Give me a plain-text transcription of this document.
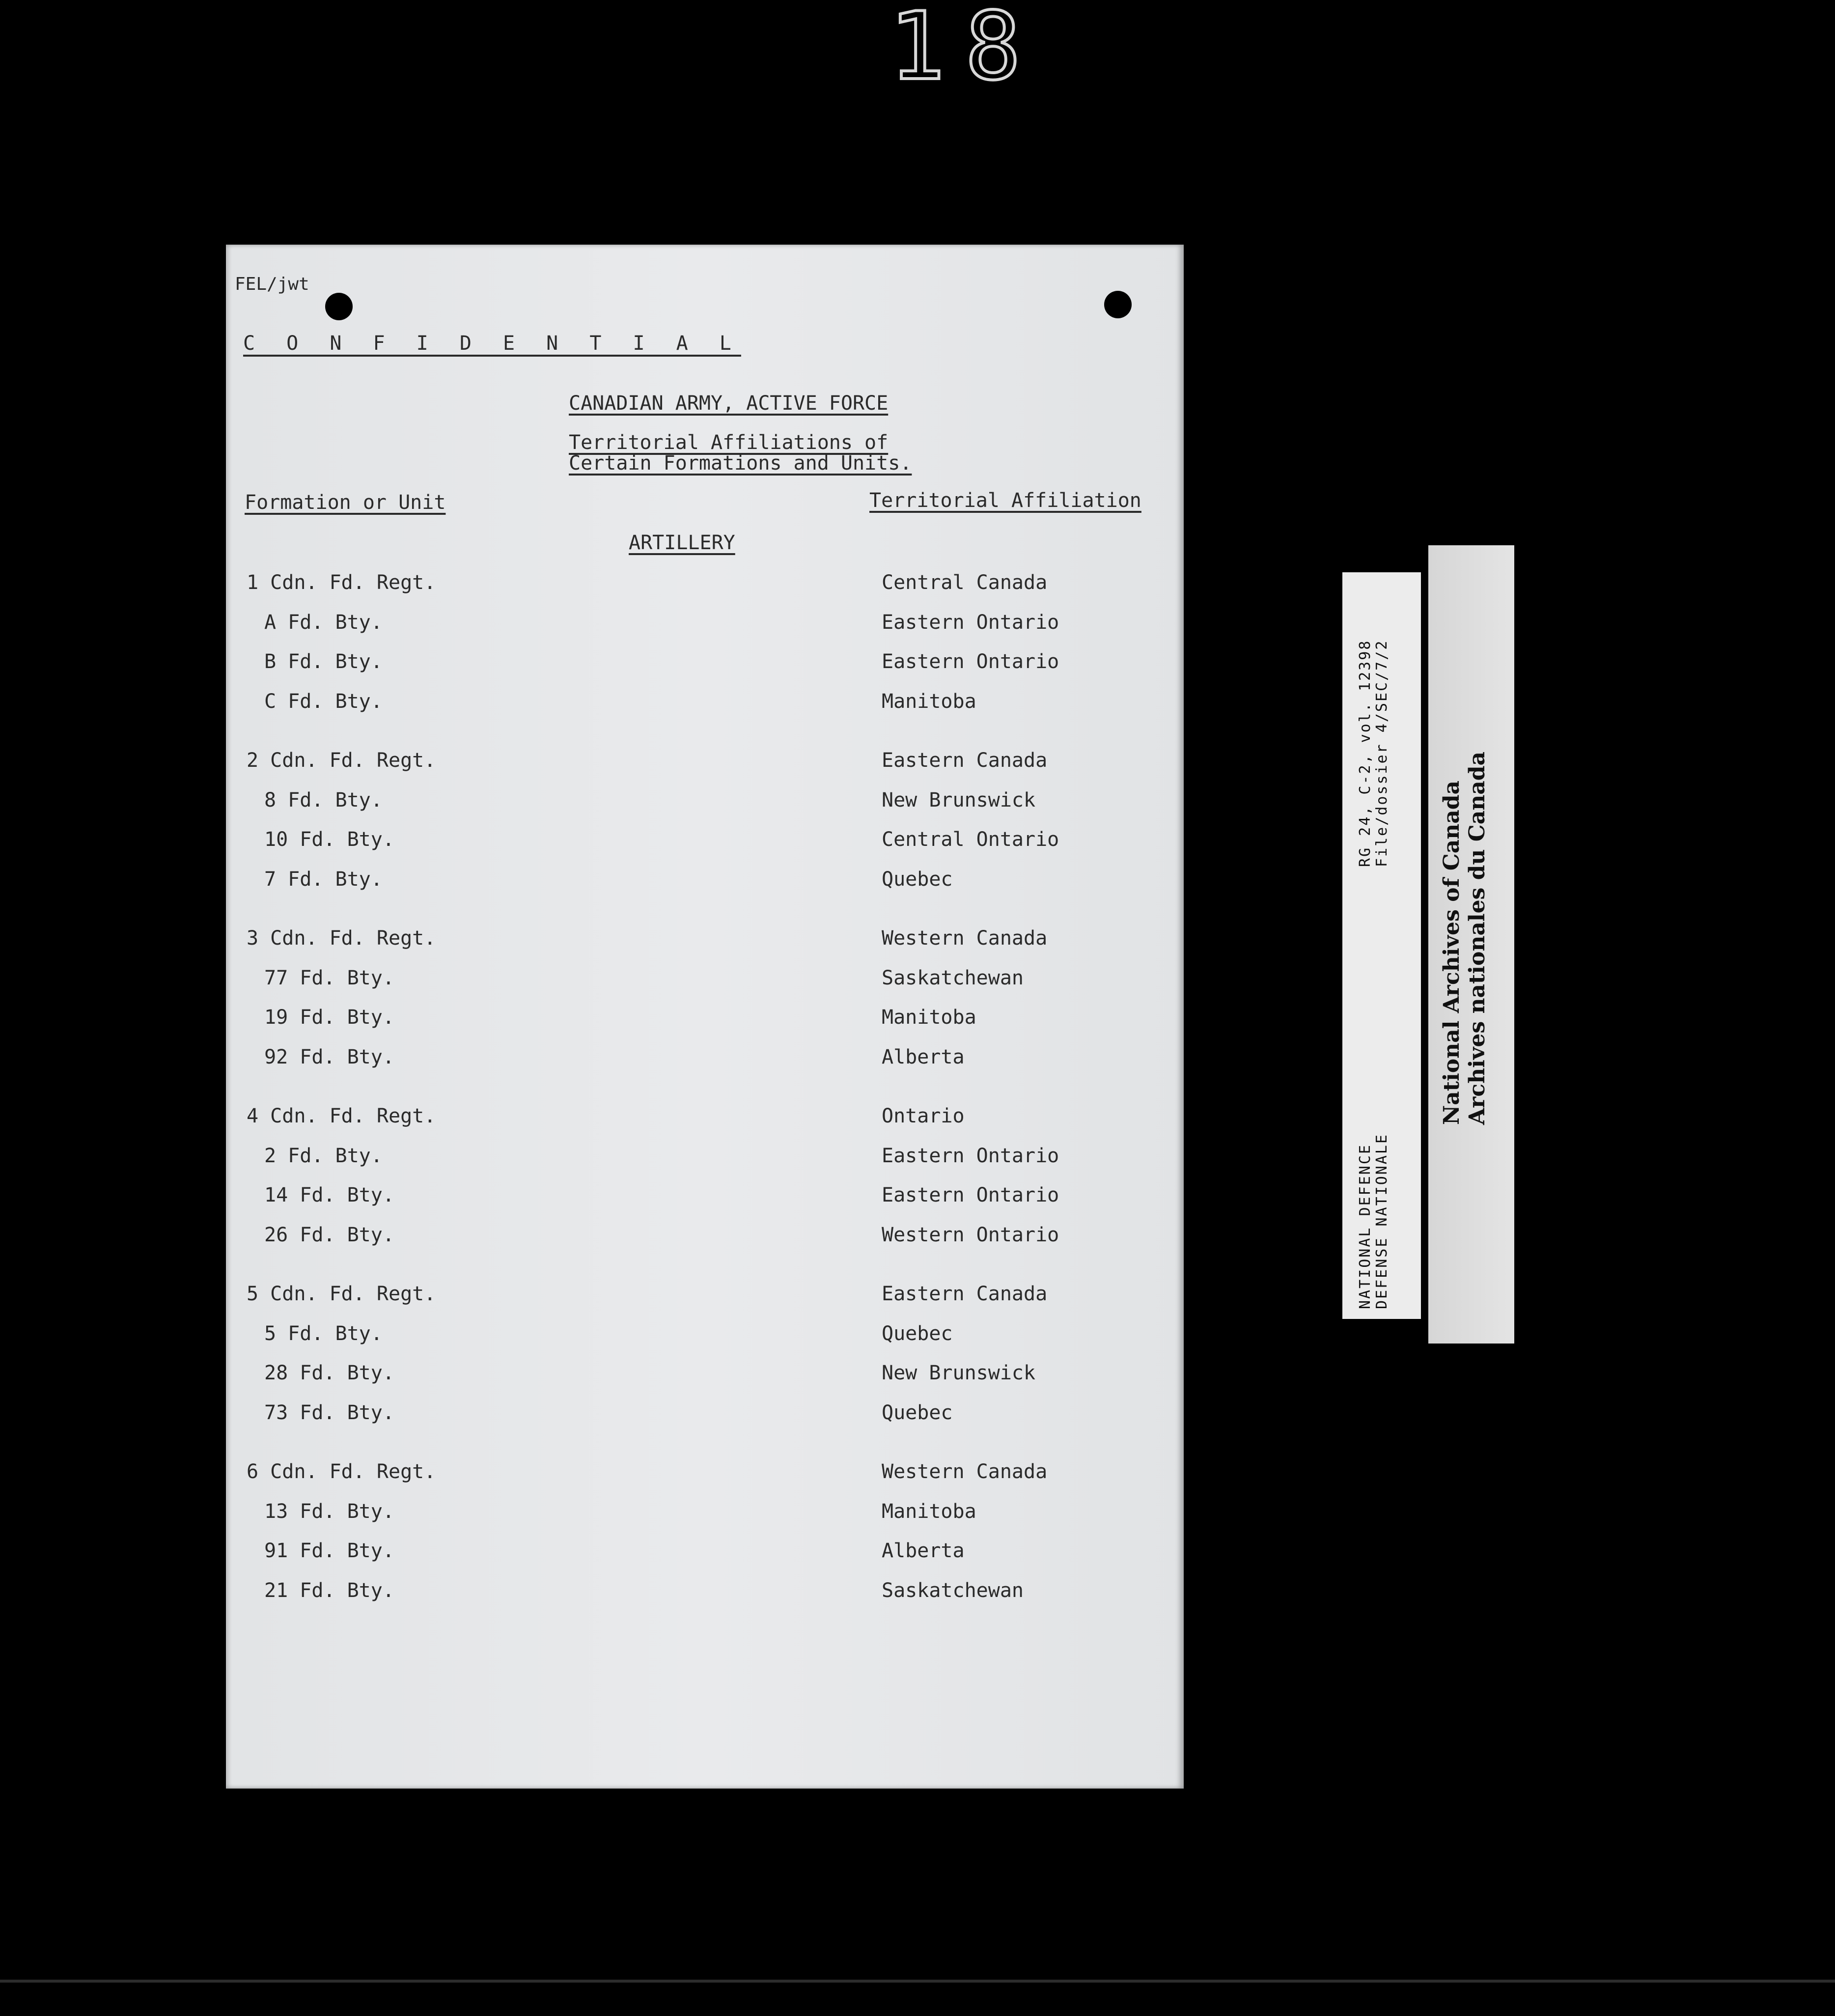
18
FEL/jwt
C O N F I D E N T I A L
CANADIAN ARMY, ACTIVE FORCE
Territorial Affiliations of Certain Formations and Units.
Formation or Unit	Territorial Affiliation
ARTILLERY
1 Cdn. Fd. Regt.	Central Canada
A Fd. Bty.	Eastern Ontario
B Fd. Bty.	Eastern Ontario
C Fd. Bty.	Manitoba
2 Cdn. Fd. Regt.	Eastern Canada
8 Fd. Bty.	New Brunswick
10 Fd. Bty.	Central Ontario
7 Fd. Bty.	Quebec
3 Cdn. Fd. Regt.	Western Canada
77 Fd. Bty.	Saskatchewan
19 Fd. Bty.	Manitoba
92 Fd. Bty.	Alberta
4 Cdn. Fd. Regt.	Ontario
2 Fd. Bty.	Eastern Ontario
14 Fd. Bty.	Eastern Ontario
26 Fd. Bty.	Western Ontario
5 Cdn. Fd. Regt.	Eastern Canada
5 Fd. Bty.	Quebec
28 Fd. Bty.	New Brunswick
73 Fd. Bty.	Quebec
6 Cdn. Fd. Regt.	Western Canada
13 Fd. Bty.	Manitoba
91 Fd. Bty.	Alberta
21 Fd. Bty.	Saskatchewan
RG 24, C-2, vol. 12398 File/dossier 4/SEC/7/2
NATIONAL DEFENCE DEFENSE NATIONALE
National Archives of Canada Archives nationales du Canada
